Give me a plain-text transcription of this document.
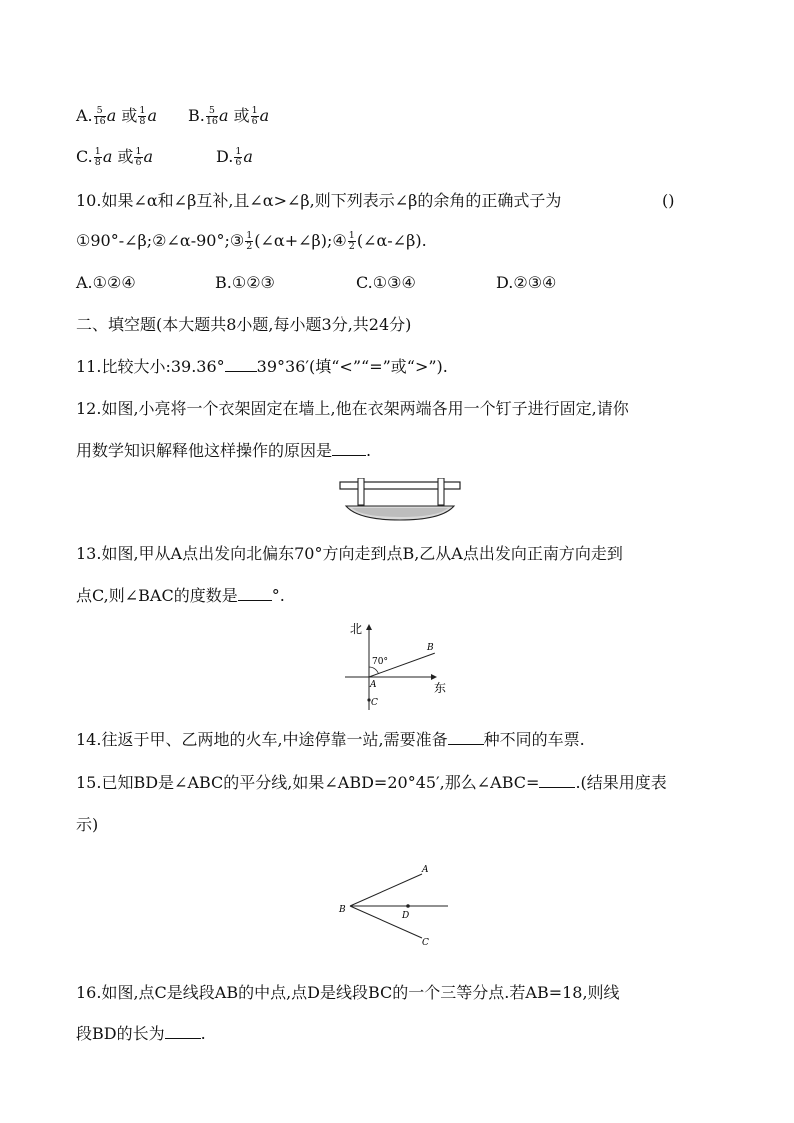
A. $\frac{5}{16}$ a 或 $\frac{1}{8}$ a B. $\frac{5}{16}$ a 或 $\frac{1}{6}$ a
C. $\frac{1}{8}$ a 或 $\frac{1}{6}$ a	D. $\frac{1}{6}$ a
10.如果∠α和∠β互补,且∠α>∠β,则下列表示∠β的余角的正确式子为	()
①90°-∠β;②∠α-90°;③ $\frac{1}{2}$ (∠α+∠β);④ $\frac{1}{2}$ (∠α-∠β).
A.①②④	B.①②③	C.①③④	D.②③④
二、填空题(本大题共8小题,每小题3分,共24分)
11.比较大小:39.36° 39°36′(填“<”“=”或“>”).
12.如图,小亮将一个衣架固定在墙上,他在衣架两端各用一个钉子进行固定,请你
用数学知识解释他这样操作的原因是 .
13.如图,甲从A点出发向北偏东70°方向走到点B,乙从A点出发向正南方向走到
点C,则∠BAC的度数是 °.
北
东
70°
A
B
C
14.往返于甲、乙两地的火车,中途停靠一站,需要准备 种不同的车票.
15.已知BD是∠ABC的平分线,如果∠ABD=20°45′,那么∠ABC= .(结果用度表
示)
A
B
C
D
16.如图,点C是线段AB的中点,点D是线段BC的一个三等分点.若AB=18,则线
段BD的长为 .
